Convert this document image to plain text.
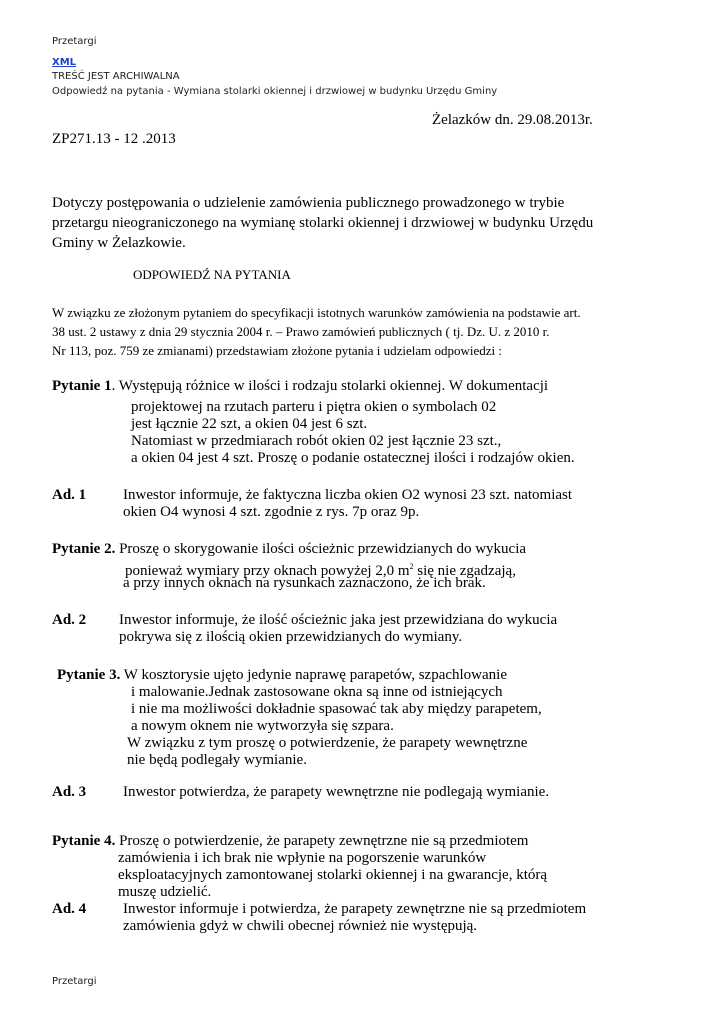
Przetargi
XML
TREŚĆ JEST ARCHIWALNA
Odpowiedź na pytania - Wymiana stolarki okiennej i drzwiowej w budynku Urzędu Gminy
Żelazków dn. 29.08.2013r.
ZP271.13 - 12 .2013
Dotyczy postępowania o udzielenie zamówienia publicznego prowadzonego w trybie
przetargu nieograniczonego na wymianę stolarki okiennej i drzwiowej w budynku Urzędu
Gminy w Żelazkowie.
ODPOWIEDŹ NA PYTANIA
W związku ze złożonym pytaniem do specyfikacji istotnych warunków zamówienia na podstawie art.
38 ust. 2 ustawy z dnia 29 stycznia 2004 r. – Prawo zamówień publicznych ( tj. Dz. U. z 2010 r.
Nr 113, poz. 759 ze zmianami) przedstawiam złożone pytania i udzielam odpowiedzi :
Pytanie 1. Występują różnice w ilości i rodzaju stolarki okiennej. W dokumentacji
projektowej na rzutach parteru i piętra okien o symbolach 02
jest łącznie 22 szt, a okien 04 jest 6 szt.
Natomiast w przedmiarach robót okien 02 jest łącznie 23 szt.,
a okien 04 jest 4 szt. Proszę o podanie ostatecznej ilości i rodzajów okien.
Ad. 1 Inwestor informuje, że faktyczna liczba okien O2 wynosi 23 szt. natomiast
okien O4 wynosi 4 szt. zgodnie z rys. 7p oraz 9p.
Pytanie 2. Proszę o skorygowanie ilości ościeżnic przewidzianych do wykucia
ponieważ wymiary przy oknach powyżej 2,0 $m^2$ się nie zgadzają,
a przy innych oknach na rysunkach zaznaczono, że ich brak.
Ad. 2 Inwestor informuje, że ilość ościeżnic jaka jest przewidziana do wykucia
pokrywa się z ilością okien przewidzianych do wymiany.
Pytanie 3. W kosztorysie ujęto jedynie naprawę parapetów, szpachlowanie
i malowanie.Jednak zastosowane okna są inne od istniejących
i nie ma możliwości dokładnie spasować tak aby między parapetem,
a nowym oknem nie wytworzyła się szpara.
W związku z tym proszę o potwierdzenie, że parapety wewnętrzne
nie będą podlegały wymianie.
Ad. 3 Inwestor potwierdza, że parapety wewnętrzne nie podlegają wymianie.
Pytanie 4. Proszę o potwierdzenie, że parapety zewnętrzne nie są przedmiotem
zamówienia i ich brak nie wpłynie na pogorszenie warunków
eksploatacyjnych zamontowanej stolarki okiennej i na gwarancje, którą
muszę udzielić.
Ad. 4 Inwestor informuje i potwierdza, że parapety zewnętrzne nie są przedmiotem
zamówienia gdyż w chwili obecnej również nie występują.
Przetargi
